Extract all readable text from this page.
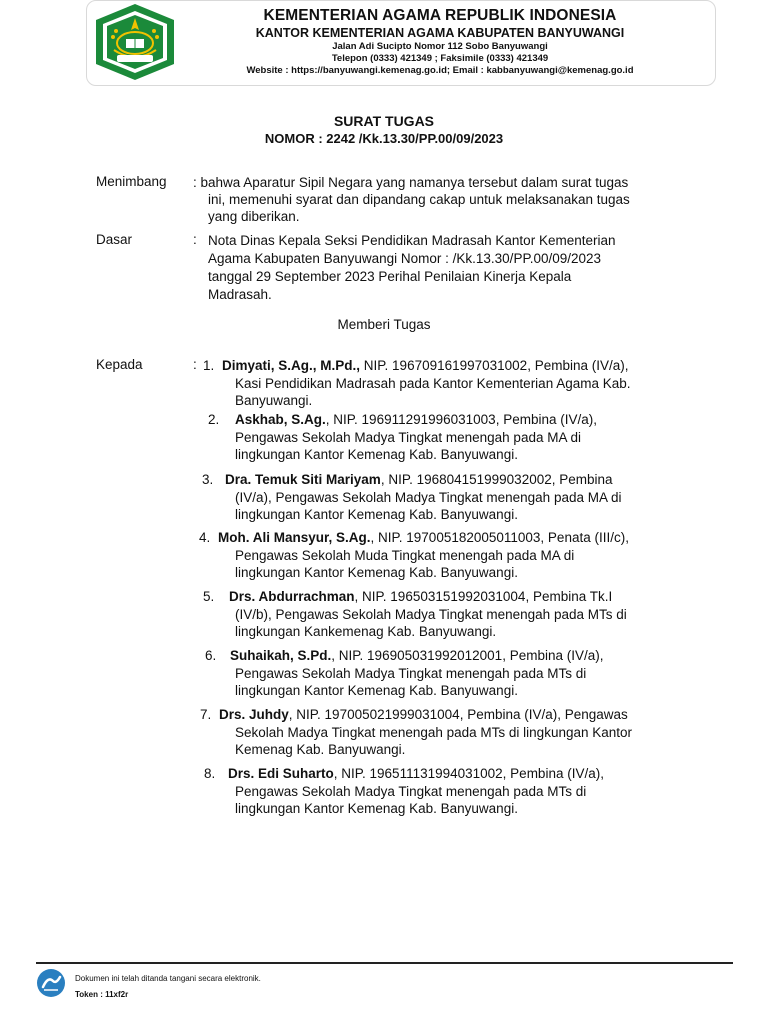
KEMENTERIAN AGAMA REPUBLIK INDONESIA
KANTOR KEMENTERIAN AGAMA KABUPATEN BANYUWANGI
Jalan Adi Sucipto Nomor 112 Sobo Banyuwangi
Telepon (0333) 421349 ; Faksimile (0333) 421349
Website : https://banyuwangi.kemenag.go.id; Email : kabbanyuwangi@kemenag.go.id
SURAT TUGAS
NOMOR : 2242 /Kk.13.30/PP.00/09/2023
Menimbang : bahwa Aparatur Sipil Negara yang namanya tersebut dalam surat tugas
ini, memenuhi syarat dan dipandang cakap untuk melaksanakan tugas
yang diberikan.
Dasar	: Nota Dinas Kepala Seksi Pendidikan Madrasah Kantor Kementerian
Agama Kabupaten Banyuwangi Nomor : /Kk.13.30/PP.00/09/2023
tanggal 29 September 2023 Perihal Penilaian Kinerja Kepala
Madrasah.
Memberi Tugas
Kepada	: 1. Dimyati, S.Ag., M.Pd., NIP. 196709161997031002, Pembina (IV/a),
Kasi Pendidikan Madrasah pada Kantor Kementerian Agama Kab.
Banyuwangi.
2. Askhab, S.Ag., NIP. 196911291996031003, Pembina (IV/a),
Pengawas Sekolah Madya Tingkat menengah pada MA di
lingkungan Kantor Kemenag Kab. Banyuwangi.
3. Dra. Temuk Siti Mariyam, NIP. 196804151999032002, Pembina
(IV/a), Pengawas Sekolah Madya Tingkat menengah pada MA di
lingkungan Kantor Kemenag Kab. Banyuwangi.
4. Moh. Ali Mansyur, S.Ag., NIP. 197005182005011003, Penata (III/c),
Pengawas Sekolah Muda Tingkat menengah pada MA di
lingkungan Kantor Kemenag Kab. Banyuwangi.
5. Drs. Abdurrachman, NIP. 196503151992031004, Pembina Tk.I
(IV/b), Pengawas Sekolah Madya Tingkat menengah pada MTs di
lingkungan Kankemenag Kab. Banyuwangi.
6. Suhaikah, S.Pd., NIP. 196905031992012001, Pembina (IV/a),
Pengawas Sekolah Madya Tingkat menengah pada MTs di
lingkungan Kantor Kemenag Kab. Banyuwangi.
7. Drs. Juhdy, NIP. 197005021999031004, Pembina (IV/a), Pengawas
Sekolah Madya Tingkat menengah pada MTs di lingkungan Kantor
Kemenag Kab. Banyuwangi.
8. Drs. Edi Suharto, NIP. 196511131994031002, Pembina (IV/a),
Pengawas Sekolah Madya Tingkat menengah pada MTs di
lingkungan Kantor Kemenag Kab. Banyuwangi.
Dokumen ini telah ditanda tangani secara elektronik.
Token : 11xf2r
